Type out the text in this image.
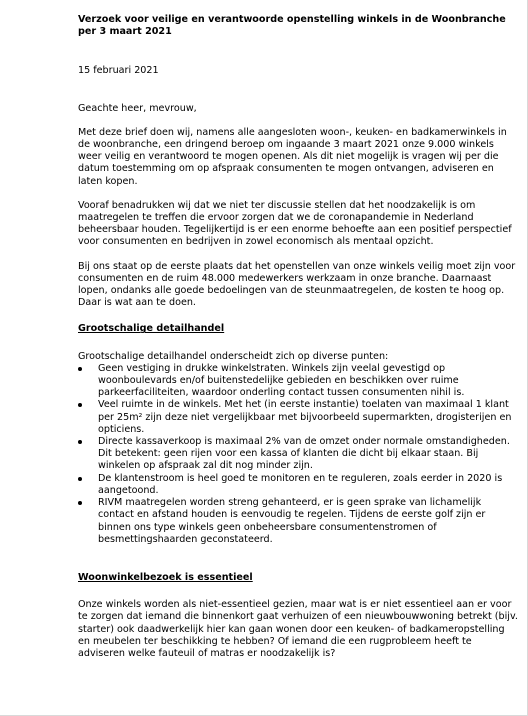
Verzoek voor veilige en verantwoorde openstelling winkels in de Woonbranche per 3 maart 2021

15 februari 2021

Geachte heer, mevrouw,

Met deze brief doen wij, namens alle aangesloten woon-, keuken- en badkamerwinkels in de woonbranche, een dringend beroep om ingaande 3 maart 2021 onze 9.000 winkels weer veilig en verantwoord te mogen openen. Als dit niet mogelijk is vragen wij per die datum toestemming om op afspraak consumenten te mogen ontvangen, adviseren en laten kopen.

Vooraf benadrukken wij dat we niet ter discussie stellen dat het noodzakelijk is om maatregelen te treffen die ervoor zorgen dat we de coronapandemie in Nederland beheersbaar houden. Tegelijkertijd is er een enorme behoefte aan een positief perspectief voor consumenten en bedrijven in zowel economisch als mentaal opzicht.

Bij ons staat op de eerste plaats dat het openstellen van onze winkels veilig moet zijn voor consumenten en de ruim 48.000 medewerkers werkzaam in onze branche. Daarnaast lopen, ondanks alle goede bedoelingen van de steunmaatregelen, de kosten te hoog op. Daar is wat aan te doen.

Grootschalige detailhandel

Grootschalige detailhandel onderscheidt zich op diverse punten:

Geen vestiging in drukke winkelstraten. Winkels zijn veelal gevestigd op woonboulevards en/of buitenstedelijke gebieden en beschikken over ruime parkeerfaciliteiten, waardoor onderling contact tussen consumenten nihil is.
Veel ruimte in de winkels. Met het (in eerste instantie) toelaten van maximaal 1 klant per 25m² zijn deze niet vergelijkbaar met bijvoorbeeld supermarkten, drogisterijen en opticiens.
Directe kassaverkoop is maximaal 2% van de omzet onder normale omstandigheden. Dit betekent: geen rijen voor een kassa of klanten die dicht bij elkaar staan. Bij winkelen op afspraak zal dit nog minder zijn.
De klantenstroom is heel goed te monitoren en te reguleren, zoals eerder in 2020 is aangetoond.
RIVM maatregelen worden streng gehanteerd, er is geen sprake van lichamelijk contact en afstand houden is eenvoudig te regelen. Tijdens de eerste golf zijn er binnen ons type winkels geen onbeheersbare consumentenstromen of besmettingshaarden geconstateerd.

Woonwinkelbezoek is essentieel

Onze winkels worden als niet-essentieel gezien, maar wat is er niet essentieel aan er voor te zorgen dat iemand die binnenkort gaat verhuizen of een nieuwbouwwoning betrekt (bijv. starter) ook daadwerkelijk hier kan gaan wonen door een keuken- of badkameropstelling en meubelen ter beschikking te hebben? Of iemand die een rugprobleem heeft te adviseren welke fauteuil of matras er noodzakelijk is?
